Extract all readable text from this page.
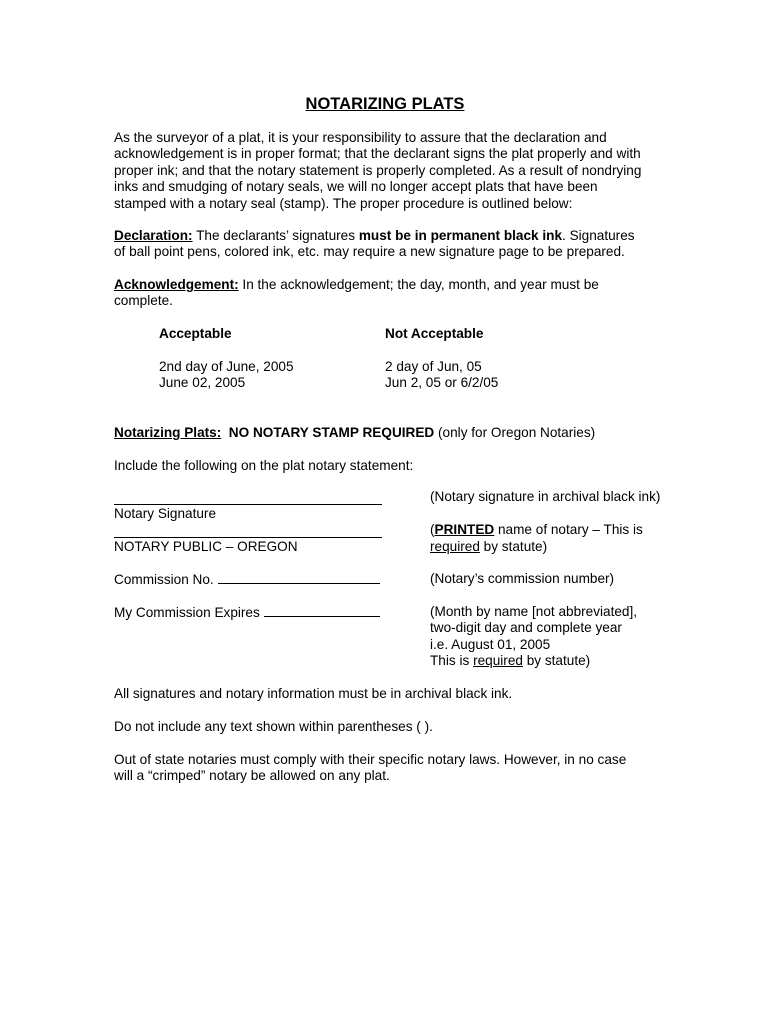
NOTARIZING PLATS
As the surveyor of a plat, it is your responsibility to assure that the declaration and
acknowledgement is in proper format; that the declarant signs the plat properly and with
proper ink; and that the notary statement is properly completed. As a result of nondrying
inks and smudging of notary seals, we will no longer accept plats that have been
stamped with a notary seal (stamp). The proper procedure is outlined below:
Declaration: The declarants’ signatures must be in permanent black ink. Signatures
of ball point pens, colored ink, etc. may require a new signature page to be prepared.
Acknowledgement: In the acknowledgement; the day, month, and year must be
complete.
Acceptable	Not Acceptable
2nd day of June, 2005
June 02, 2005
2 day of Jun, 05
Jun 2, 05 or 6/2/05
Notarizing Plats:  NO NOTARY STAMP REQUIRED (only for Oregon Notaries)
Include the following on the plat notary statement:
Notary Signature
NOTARY PUBLIC – OREGON
Commission No.
My Commission Expires
(Notary signature in archival black ink)
(PRINTED name of notary – This is
required by statute)
(Notary’s commission number)
(Month by name [not abbreviated],
two-digit day and complete year
i.e. August 01, 2005
This is required by statute)
All signatures and notary information must be in archival black ink.
Do not include any text shown within parentheses ( ).
Out of state notaries must comply with their specific notary laws. However, in no case
will a “crimped” notary be allowed on any plat.
